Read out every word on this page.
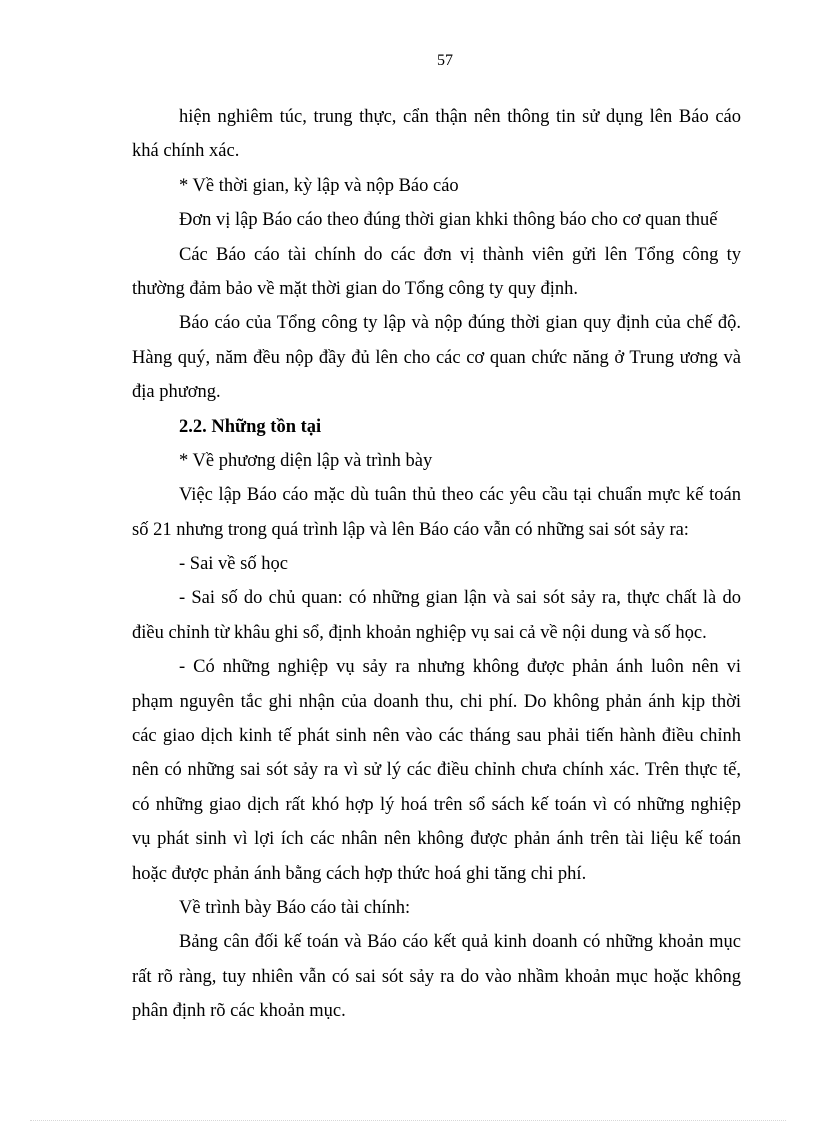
57
hiện nghiêm túc, trung thực, cẩn thận nên thông tin sử dụng lên Báo cáo
khá chính xác.
* Về thời gian, kỳ lập và nộp Báo cáo
Đơn vị lập Báo cáo theo đúng thời gian khki thông báo cho cơ quan thuế
Các Báo cáo tài chính do các đơn vị thành viên gửi lên Tổng công ty
thường đảm bảo về mặt thời gian do Tổng công ty quy định.
Báo cáo của Tổng công ty lập và nộp đúng thời gian quy định của chế độ.
Hàng quý, năm đều nộp đầy đủ lên cho các cơ quan chức năng ở Trung ương và
địa phương.
2.2. Những tồn tại
* Về phương diện lập và trình bày
Việc lập Báo cáo mặc dù tuân thủ theo các yêu cầu tại chuẩn mực kế toán
số 21 nhưng trong quá trình lập và lên Báo cáo vẫn có những sai sót sảy ra:
- Sai về số học
- Sai số do chủ quan: có những gian lận và sai sót sảy ra, thực chất là do
điều chỉnh từ khâu ghi sổ, định khoản nghiệp vụ sai cả về nội dung và số học.
- Có những nghiệp vụ sảy ra nhưng không được phản ánh luôn nên vi
phạm nguyên tắc ghi nhận của doanh thu, chi phí. Do không phản ánh kịp thời
các giao dịch kinh tế phát sinh nên vào các tháng sau phải tiến hành điều chỉnh
nên có những sai sót sảy ra vì sử lý các điều chỉnh chưa chính xác. Trên thực tế,
có những giao dịch rất khó hợp lý hoá trên sổ sách kế toán vì có những nghiệp
vụ phát sinh vì lợi ích các nhân nên không được phản ánh trên tài liệu kế toán
hoặc được phản ánh bằng cách hợp thức hoá ghi tăng chi phí.
Về trình bày Báo cáo tài chính:
Bảng cân đối kế toán và Báo cáo kết quả kinh doanh có những khoản mục
rất rõ ràng, tuy nhiên vẫn có sai sót sảy ra do vào nhầm khoản mục hoặc không
phân định rõ các khoản mục.
